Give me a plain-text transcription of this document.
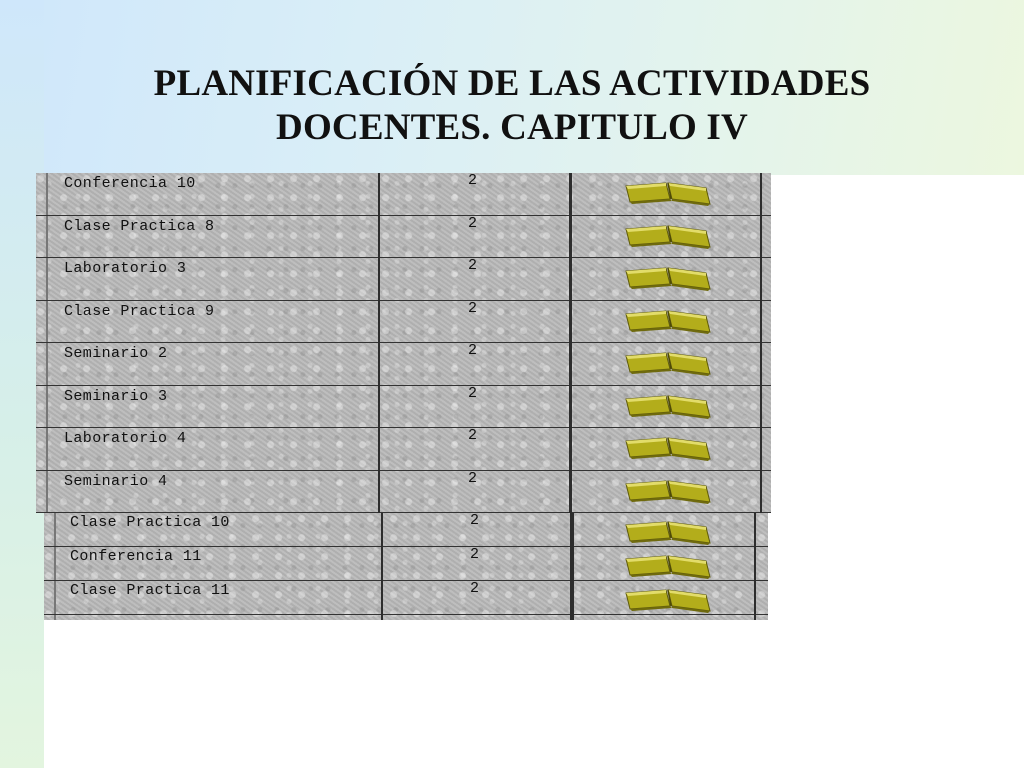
PLANIFICACIÓN DE LAS ACTIVIDADES
DOCENTES. CAPITULO IV
Conferencia 10	2
Clase Practica 8	2
Laboratorio 3	2
Clase Practica 9	2
Seminario 2	2
Seminario 3	2
Laboratorio 4	2
Seminario 4	2
Clase Practica 10	2
Conferencia 11	2
Clase Practica 11	2
